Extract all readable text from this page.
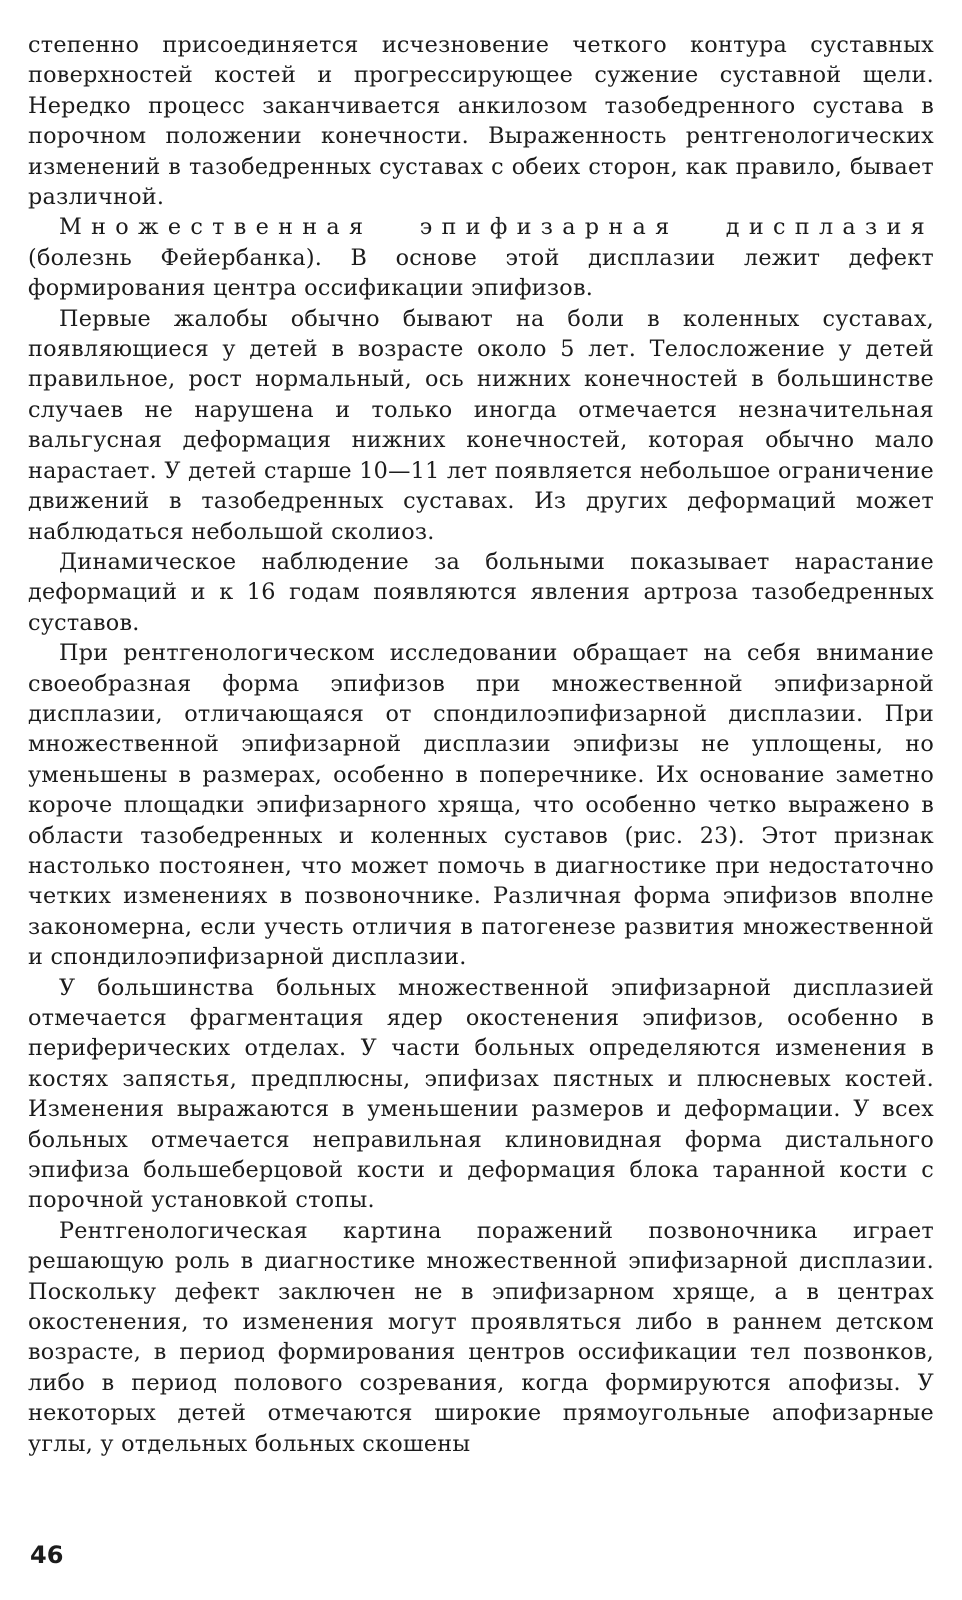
степенно присоединяется исчезновение четкого контура суставных поверхностей костей и прогрессирующее сужение суставной щели. Нередко процесс заканчивается анкилозом тазобедренного сустава в порочном положении конечности. Выраженность рентгенологических изменений в тазобедренных суставах с обеих сторон, как правило, бывает различной.

Множественная эпифизарная дисплазия (болезнь Фейербанка). В основе этой дисплазии лежит дефект формирования центра оссификации эпифизов.

Первые жалобы обычно бывают на боли в коленных суставах, появляющиеся у детей в возрасте около 5 лет. Телосложение у детей правильное, рост нормальный, ось нижних конечностей в большинстве случаев не нарушена и только иногда отмечается незначительная вальгусная деформация нижних конечностей, которая обычно мало нарастает. У детей старше 10—11 лет появляется небольшое ограничение движений в тазобедренных суставах. Из других деформаций может наблюдаться небольшой сколиоз.

Динамическое наблюдение за больными показывает нарастание деформаций и к 16 годам появляются явления артроза тазобедренных суставов.

При рентгенологическом исследовании обращает на себя внимание своеобразная форма эпифизов при множественной эпифизарной дисплазии, отличающаяся от спондилоэпифизарной дисплазии. При множественной эпифизарной дисплазии эпифизы не уплощены, но уменьшены в размерах, особенно в поперечнике. Их основание заметно короче площадки эпифизарного хряща, что особенно четко выражено в области тазобедренных и коленных суставов (рис. 23). Этот признак настолько постоянен, что может помочь в диагностике при недостаточно четких изменениях в позвоночнике. Различная форма эпифизов вполне закономерна, если учесть отличия в патогенезе развития множественной и спондилоэпифизарной дисплазии.

У большинства больных множественной эпифизарной дисплазией отмечается фрагментация ядер окостенения эпифизов, особенно в периферических отделах. У части больных определяются изменения в костях запястья, предплюсны, эпифизах пястных и плюсневых костей. Изменения выражаются в уменьшении размеров и деформации. У всех больных отмечается неправильная клиновидная форма дистального эпифиза большеберцовой кости и деформация блока таранной кости с порочной установкой стопы.

Рентгенологическая картина поражений позвоночника играет решающую роль в диагностике множественной эпифизарной дисплазии. Поскольку дефект заключен не в эпифизарном хряще, а в центрах окостенения, то изменения могут проявляться либо в раннем детском возрасте, в период формирования центров оссификации тел позвонков, либо в период полового созревания, когда формируются апофизы. У некоторых детей отмечаются широкие прямоугольные апофизарные углы, у отдельных больных скошены

46
